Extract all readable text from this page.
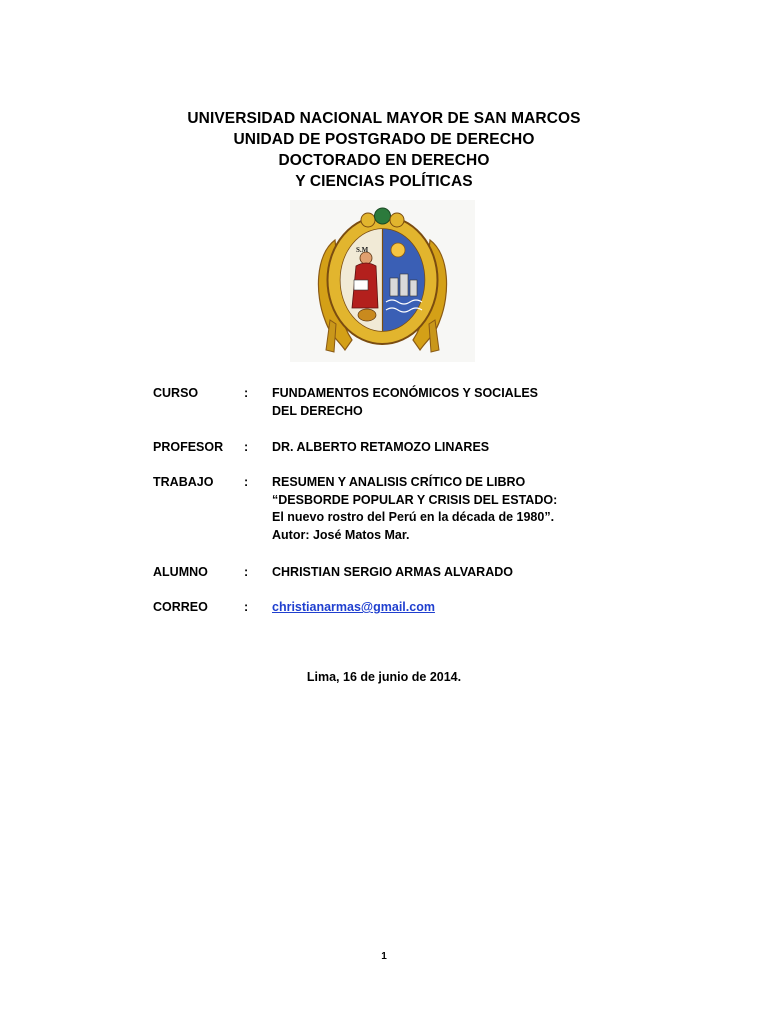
UNIVERSIDAD NACIONAL MAYOR DE SAN MARCOS
UNIDAD DE POSTGRADO DE DERECHO
DOCTORADO EN DERECHO
Y CIENCIAS POLÍTICAS
S.M
CURSO	:	FUNDAMENTOS ECONÓMICOS Y SOCIALES
DEL DERECHO
PROFESOR	:	DR. ALBERTO RETAMOZO LINARES
TRABAJO	:	RESUMEN Y ANALISIS CRÍTICO DE LIBRO
“DESBORDE POPULAR Y CRISIS DEL ESTADO:
El nuevo rostro del Perú en la década de 1980”.
Autor: José Matos Mar.
ALUMNO	:	CHRISTIAN SERGIO ARMAS ALVARADO
CORREO	:	christianarmas@gmail.com
Lima, 16 de junio de 2014.
1
